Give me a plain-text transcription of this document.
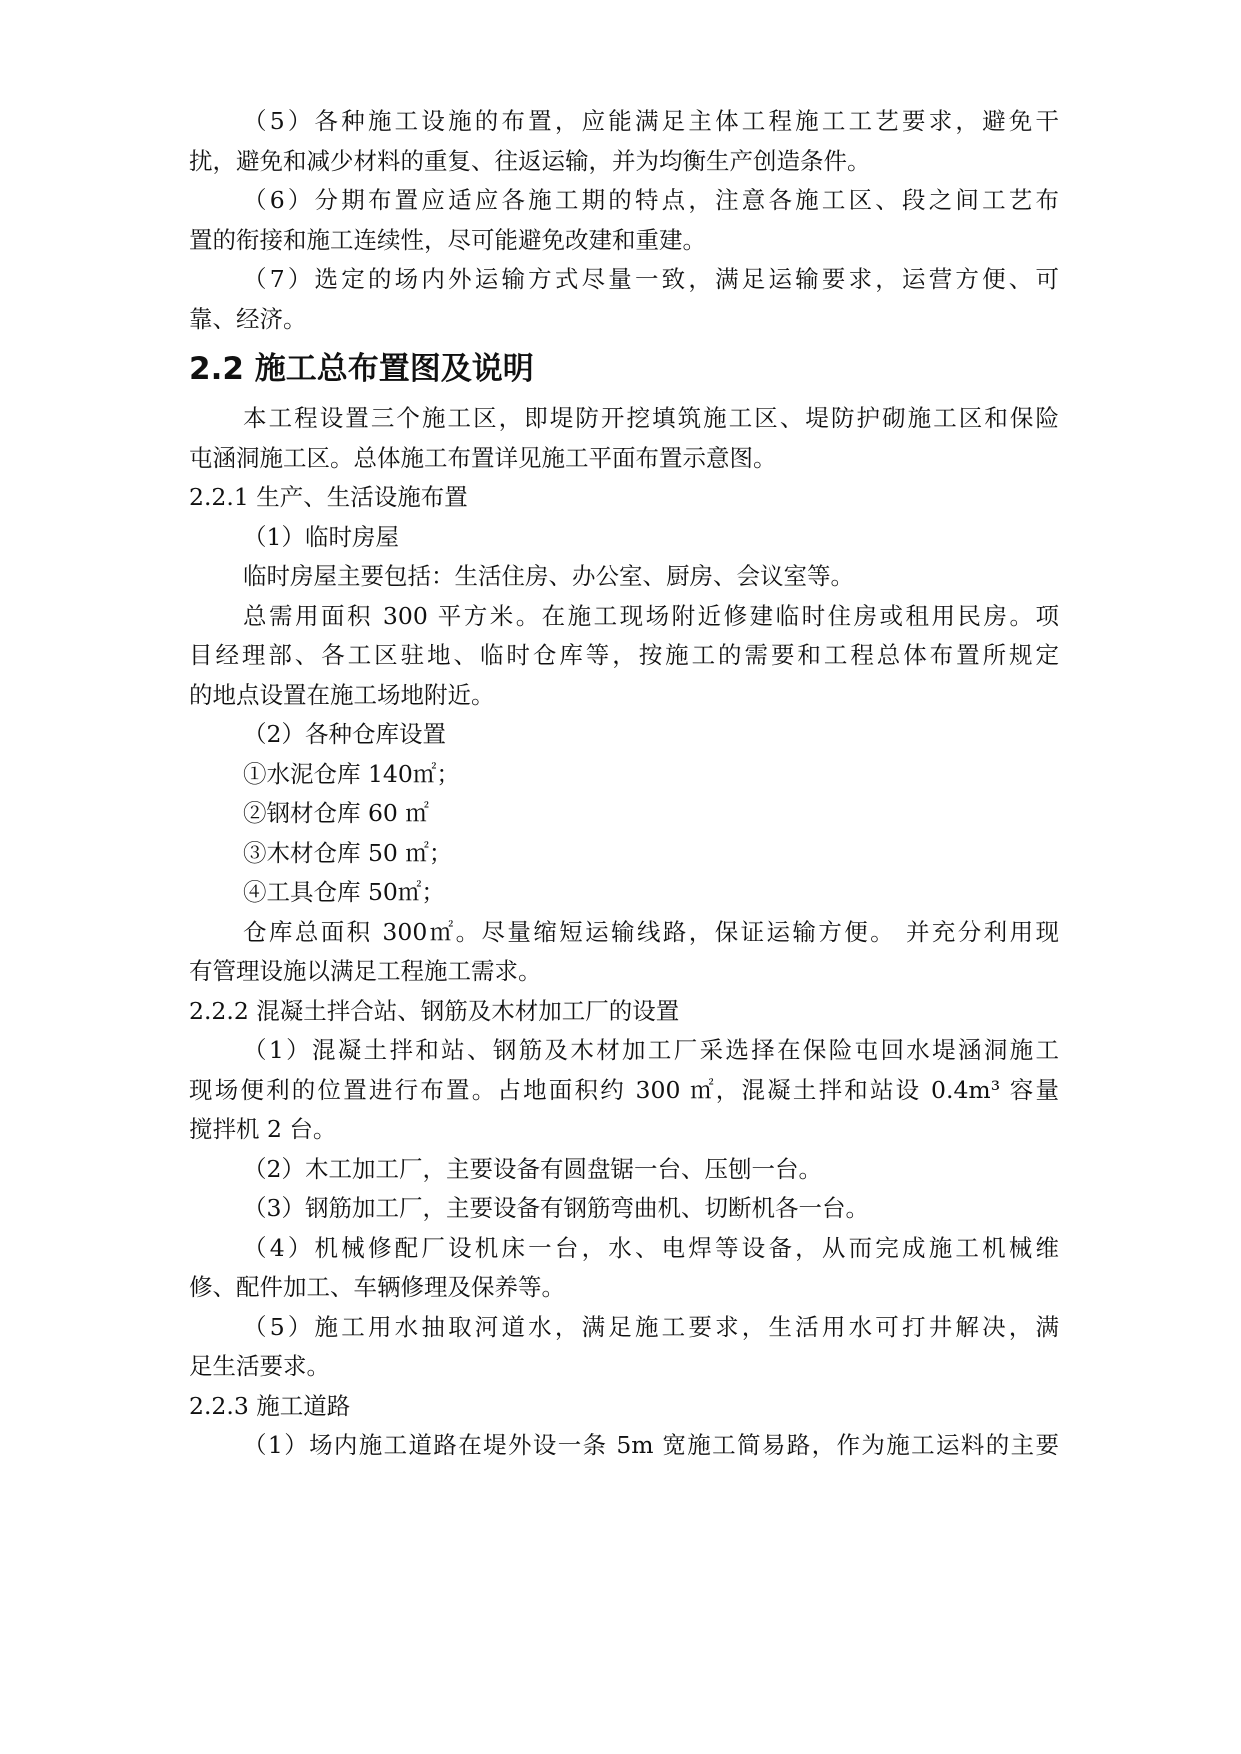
（5）各种施工设施的布置，应能满足主体工程施工工艺要求，避免干
扰，避免和减少材料的重复、往返运输，并为均衡生产创造条件。
（6）分期布置应适应各施工期的特点，注意各施工区、段之间工艺布
置的衔接和施工连续性，尽可能避免改建和重建。
（7）选定的场内外运输方式尽量一致，满足运输要求，运营方便、可
靠、经济。
2.2 施工总布置图及说明
本工程设置三个施工区，即堤防开挖填筑施工区、堤防护砌施工区和保险
屯涵洞施工区。总体施工布置详见施工平面布置示意图。
2.2.1 生产、生活设施布置
（1）临时房屋
临时房屋主要包括：生活住房、办公室、厨房、会议室等。
总需用面积 300 平方米。在施工现场附近修建临时住房或租用民房。项
目经理部、各工区驻地、临时仓库等，按施工的需要和工程总体布置所规定
的地点设置在施工场地附近。
（2）各种仓库设置
①水泥仓库 140㎡；
②钢材仓库 60 ㎡
③木材仓库 50 ㎡；
④工具仓库 50㎡；
仓库总面积 300㎡。尽量缩短运输线路，保证运输方便。 并充分利用现
有管理设施以满足工程施工需求。
2.2.2 混凝土拌合站、钢筋及木材加工厂的设置
（1）混凝土拌和站、钢筋及木材加工厂采选择在保险屯回水堤涵洞施工
现场便利的位置进行布置。占地面积约 300 ㎡，混凝土拌和站设 0.4m³ 容量
搅拌机 2 台。
（2）木工加工厂，主要设备有圆盘锯一台、压刨一台。
（3）钢筋加工厂，主要设备有钢筋弯曲机、切断机各一台。
（4）机械修配厂设机床一台，水、电焊等设备，从而完成施工机械维
修、配件加工、车辆修理及保养等。
（5）施工用水抽取河道水，满足施工要求，生活用水可打井解决，满
足生活要求。
2.2.3 施工道路
（1）场内施工道路在堤外设一条 5m 宽施工简易路，作为施工运料的主要
